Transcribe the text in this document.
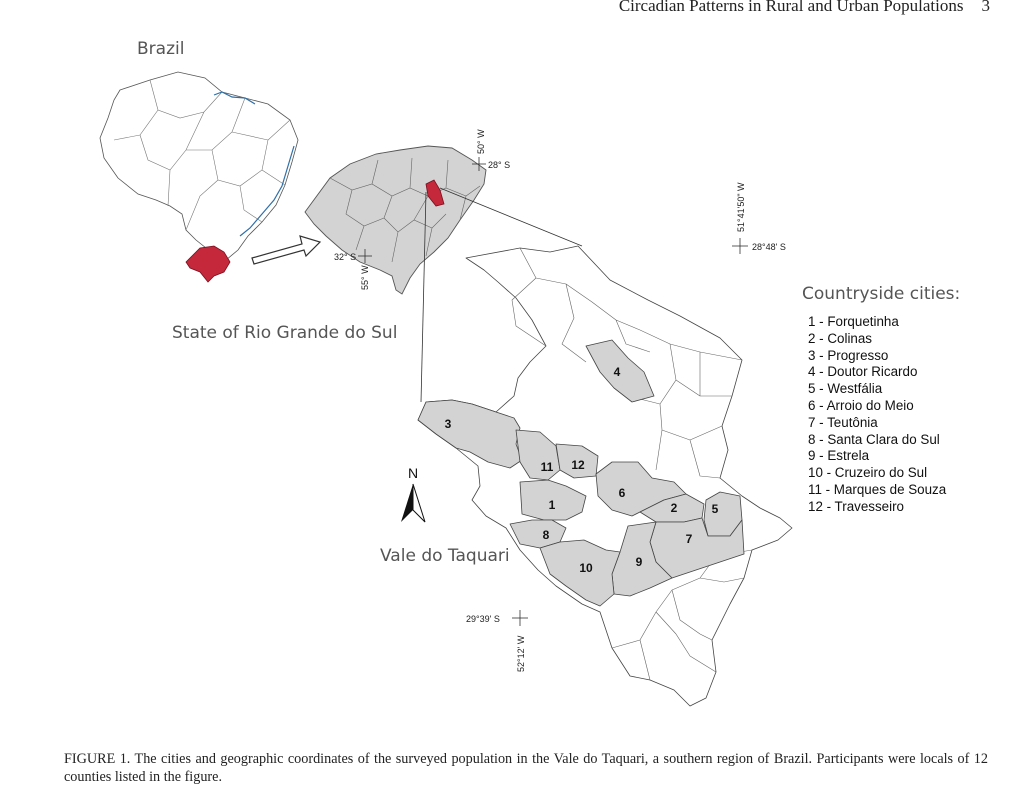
Circadian Patterns in Rural and Urban Populations 3
Brazil
State of Rio Grande do Sul
28° S
50° W
32° S
55° W
1	2
3
4
5
6
7
8
9
10
11 12
28°48' S
51°41'50" W
29°39' S
52°12' W
N
Vale do Taquari
Countryside cities:
1 - Forquetinha
2 - Colinas
3 - Progresso
4 - Doutor Ricardo
5 - Westfália
6 - Arroio do Meio
7 - Teutônia
8 - Santa Clara do Sul
9 - Estrela
10 - Cruzeiro do Sul
11 - Marques de Souza
12 - Travesseiro

FIGURE 1. The cities and geographic coordinates of the surveyed population in the Vale do Taquari, a southern region of Brazil. Participants were locals of 12 counties listed in the figure.
